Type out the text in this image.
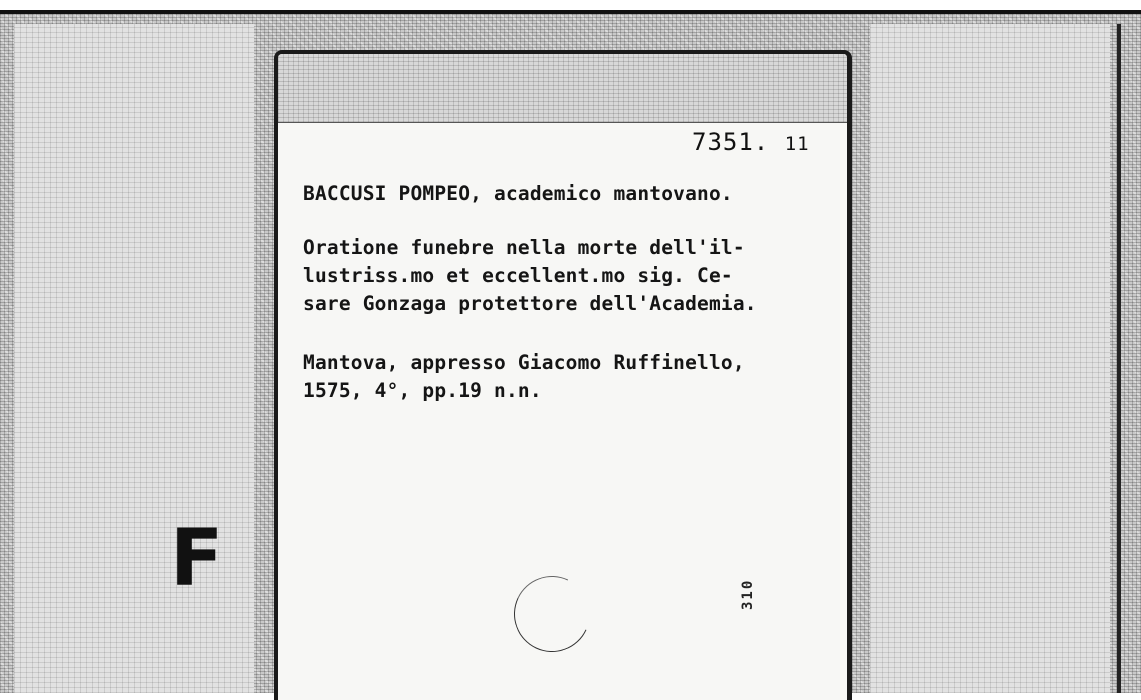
F
7351. 11

BACCUSI POMPEO, academico mantovano.

Oratione funebre nella morte dell'il-

lustriss.mo et eccellent.mo sig. Ce-

sare Gonzaga protettore dell'Academia.

Mantova, appresso Giacomo Ruffinello,

1575, 4°, pp.19 n.n.

310
